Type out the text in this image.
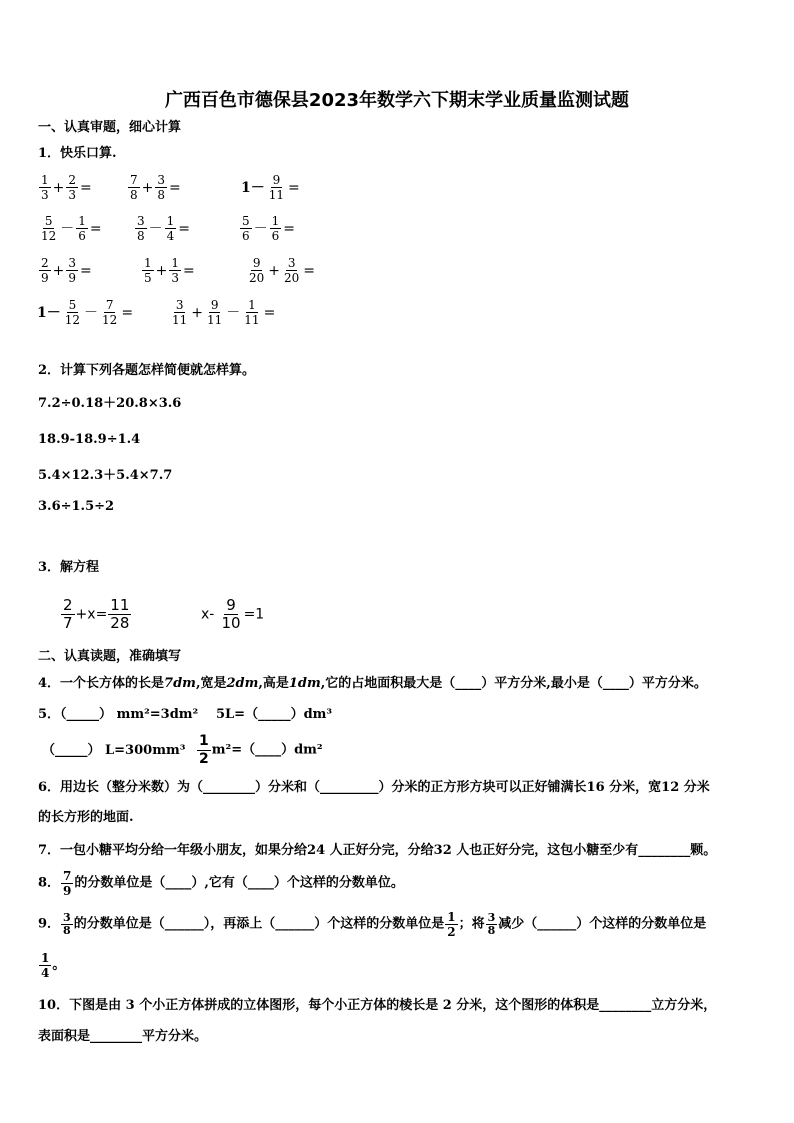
广西百色市德保县2023年数学六下期末学业质量监测试题
一、认真审题，细心计算
1．快乐口算.
$\frac{1}{3} + \frac{2}{3}$ =	$\frac{7}{8} + \frac{3}{8}$ =	$1- \frac{9}{11}$ =
$\frac{5}{12} - \frac{1}{6}$ =	$\frac{3}{8} - \frac{1}{4}$ =	$\frac{5}{6} - \frac{1}{6}$ =
$\frac{2}{9} + \frac{3}{9}$ =	$\frac{1}{5} + \frac{1}{3}$ =	$\frac{9}{20} + \frac{3}{20}$ =
$1- \frac{5}{12} - \frac{7}{12}$ =	$\frac{3}{11} + \frac{9}{11} - \frac{1}{11}$ =
2．计算下列各题怎样简便就怎样算。
7.2÷0.18＋20.8×3.6
18.9-18.9÷1.4
5.4×12.3＋5.4×7.7
3.6÷1.5÷2
3．解方程
$\frac{2}{7} +x= \frac{11}{28}$	$x- \frac{9}{10} =1$
二、认真读题，准确填写
4．一个长方体的长是7dm,宽是2dm,高是1dm,它的占地面积最大是（____）平方分米,最小是（____）平方分米。
5．（_____） mm²=3dm² 5L=（_____）dm³
（_____） $L=300mm^3 \frac{1}{2}$ m²=（____）dm²
6．用边长（整分米数）为（________）分米和（_________）分米的正方形方块可以正好铺满长16 分米，宽12 分米
的长方形的地面.
7．一包小糖平均分给一年级小朋友，如果分给24 人正好分完，分给32 人也正好分完，这包小糖至少有________颗。
8． $\frac{7}{9}$ 的分数单位是（____）,它有（____）个这样的分数单位。
9． $\frac{3}{8}$ 的分数单位是（______），再添上（______）个这样的分数单位是 $\frac{1}{2}$ ；将 $\frac{3}{8}$ 减少（______）个这样的分数单位是
$\frac{1}{4}$ 。
10．下图是由 3 个小正方体拼成的立体图形，每个小正方体的棱长是 2 分米，这个图形的体积是________立方分米，
表面积是________平方分米。
